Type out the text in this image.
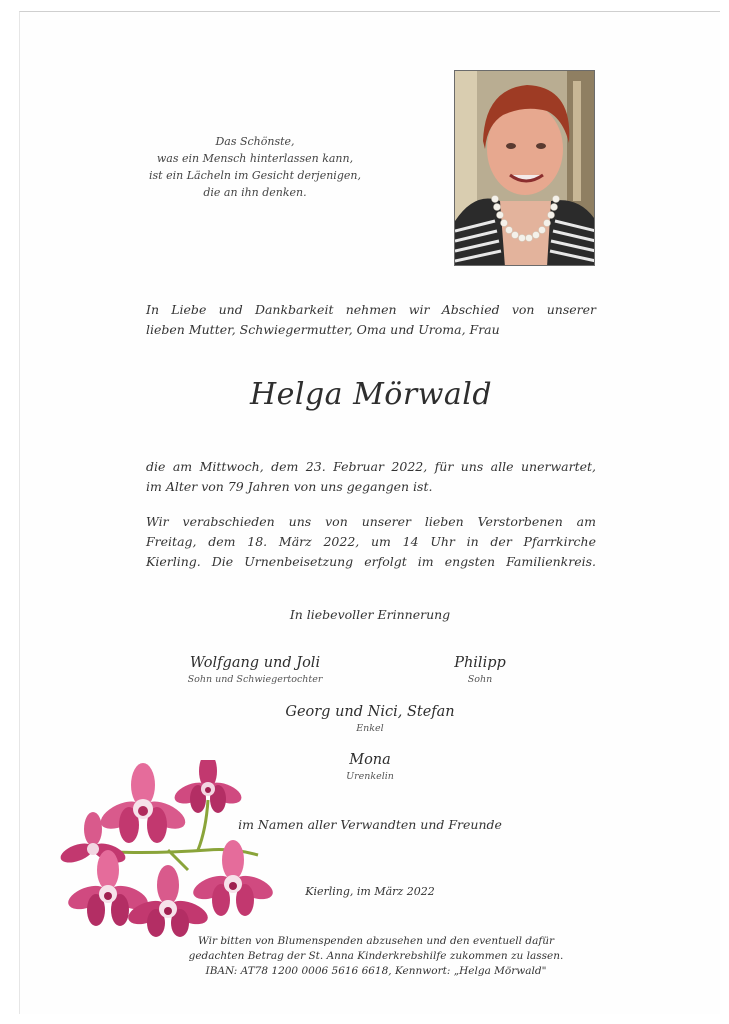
Das Schönste,
was ein Mensch hinterlassen kann,
ist ein Lächeln im Gesicht derjenigen,
die an ihn denken.
In Liebe und Dankbarkeit nehmen wir Abschied von unserer
lieben Mutter, Schwiegermutter, Oma und Uroma, Frau
Helga Mörwald
die am Mittwoch, dem 23. Februar 2022, für uns alle unerwartet,
im Alter von 79 Jahren von uns gegangen ist.
Wir verabschieden uns von unserer lieben Verstorbenen am
Freitag, dem 18. März 2022, um 14 Uhr in der Pfarrkirche
Kierling. Die Urnenbeisetzung erfolgt im engsten Familienkreis.
In liebevoller Erinnerung
Wolfgang und Joli
Sohn und Schwiegertochter
Philipp
Sohn
Georg und Nici, Stefan
Enkel
Mona
Urenkelin
im Namen aller Verwandten und Freunde
Kierling, im März 2022
Wir bitten von Blumenspenden abzusehen und den eventuell dafür
gedachten Betrag der St. Anna Kinderkrebshilfe zukommen zu lassen.
IBAN: AT78 1200 0006 5616 6618, Kennwort: „Helga Mörwald"
